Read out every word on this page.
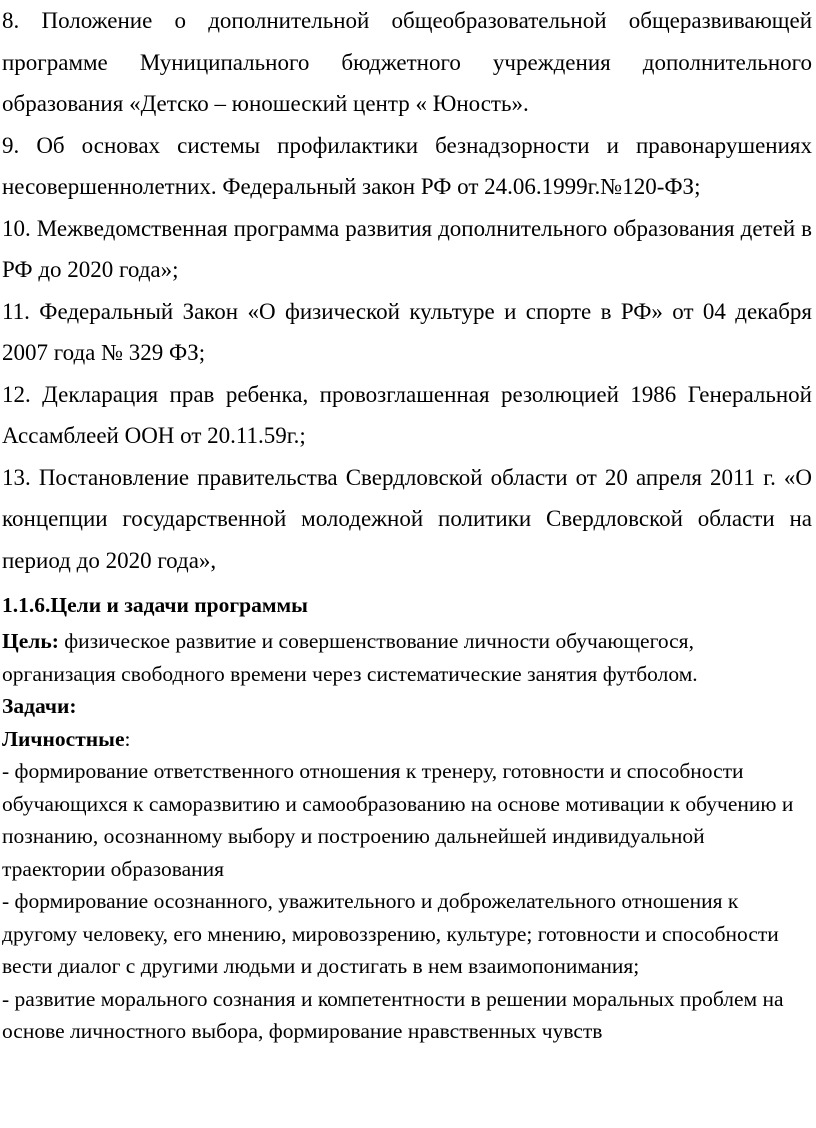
8. Положение о дополнительной общеобразовательной общеразвивающей программе Муниципального бюджетного учреждения дополнительного образования «Детско – юношеский центр « Юность».

9. Об основах системы профилактики безнадзорности и правонарушениях несовершеннолетних. Федеральный закон РФ от 24.06.1999г.№120-ФЗ;

10. Межведомственная программа развития дополнительного образования детей в РФ до 2020 года»;

11. Федеральный Закон «О физической культуре и спорте в РФ» от 04 декабря 2007 года № 329 ФЗ;

12. Декларация прав ребенка, провозглашенная резолюцией 1986 Генеральной Ассамблеей ООН от 20.11.59г.;

13. Постановление правительства Свердловской области от 20 апреля 2011 г. «О концепции государственной молодежной политики Свердловской области на период до 2020 года»,

1.1.6.Цели и задачи программы
Цель: физическое развитие и совершенствование личности обучающегося, организация свободного времени через систематические занятия футболом.
Задачи:
Личностные:
- формирование ответственного отношения к тренеру, готовности и способности обучающихся к саморазвитию и самообразованию на основе мотивации к обучению и познанию, осознанному выбору и построению дальнейшей индивидуальной траектории образования
- формирование осознанного, уважительного и доброжелательного отношения к другому человеку, его мнению, мировоззрению, культуре; готовности и способности вести диалог с другими людьми и достигать в нем взаимопонимания;
- развитие морального сознания и компетентности в решении моральных проблем на основе личностного выбора, формирование нравственных чувств
